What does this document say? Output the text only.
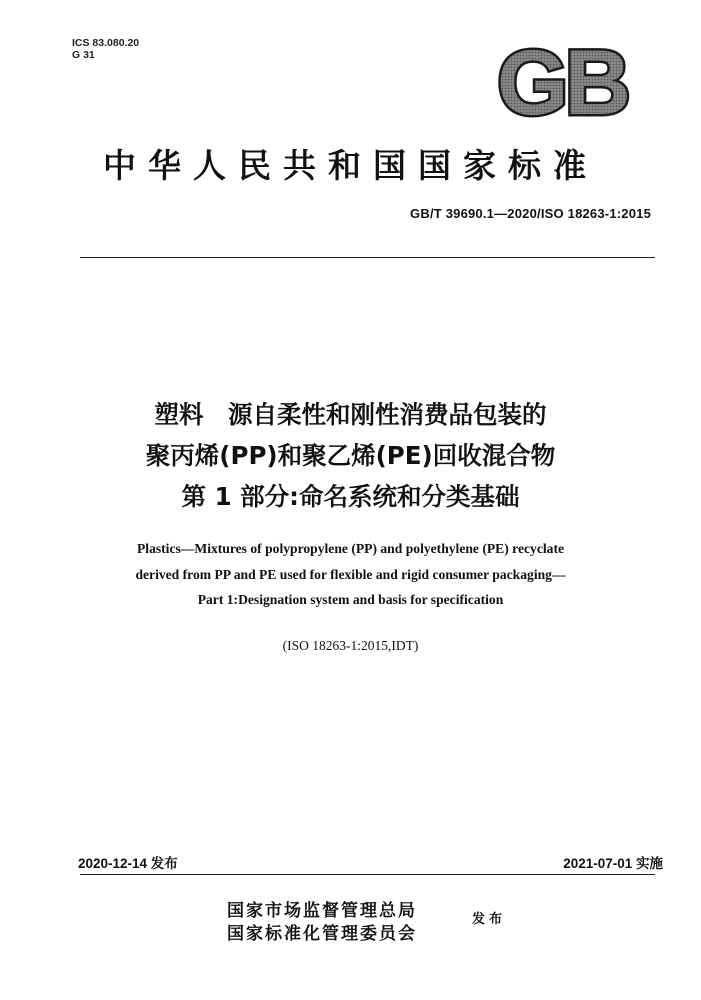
ICS 83.080.20
G 31	GB
中华人民共和国国家标准
GB/T 39690.1—2020/ISO 18263-1:2015
塑料　源自柔性和刚性消费品包装的
聚丙烯(PP)和聚乙烯(PE)回收混合物
第 1 部分:命名系统和分类基础
Plastics—Mixtures of polypropylene (PP) and polyethylene (PE) recyclate
derived from PP and PE used for flexible and rigid consumer packaging—
Part 1:Designation system and basis for specification
(ISO 18263-1:2015,IDT)
2020-12-14 发布	2021-07-01 实施
国家市场监督管理总局
国家标准化管理委员会
发布
